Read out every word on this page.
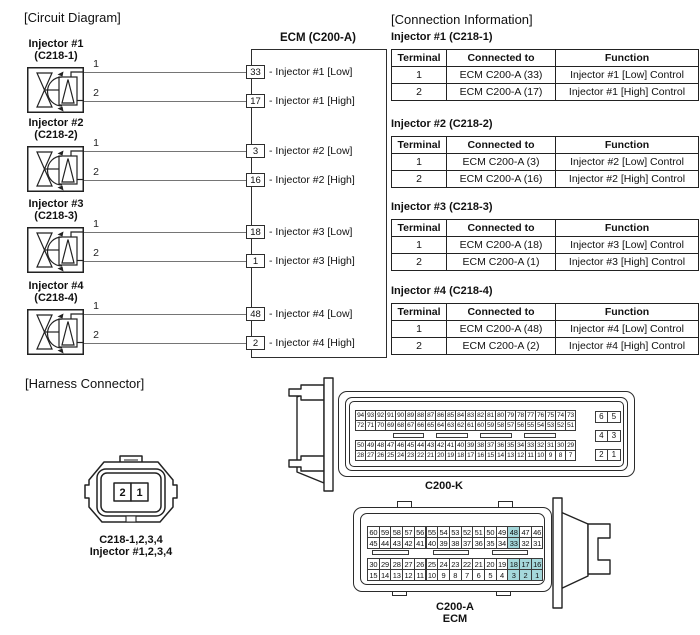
[Circuit Diagram]	[Connection Information]
[Harness Connector]
ECM (C200-A)
2 1
C218-1,2,3,4
Injector #1,2,3,4
C200-K
C200-A
ECM
Injector #1
(C218-1)
1
2
Injector #2
(C218-2)
1
2
Injector #3
(C218-3)
1
2
Injector #4
(C218-4)
1
2
33 - Injector #1 [Low]
17 - Injector #1 [High]
3	- Injector #2 [Low]
16 - Injector #2 [High]
18 - Injector #3 [Low]
1	- Injector #3 [High]
48 - Injector #4 [Low]
2	- Injector #4 [High]
Injector #1 (C218-1)
Terminal	Connected to	Function
1	ECM C200-A (33)	Injector #1 [Low] Control
2	ECM C200-A (17)	Injector #1 [High] Control
Injector #2 (C218-2)
Terminal	Connected to	Function
1	ECM C200-A (3)	Injector #2 [Low] Control
2	ECM C200-A (16)	Injector #2 [High] Control
Injector #3 (C218-3)
Terminal	Connected to	Function
1	ECM C200-A (18)	Injector #3 [Low] Control
2	ECM C200-A (1)	Injector #3 [High] Control
Injector #4 (C218-4)
Terminal	Connected to	Function
1	ECM C200-A (48)	Injector #4 [Low] Control
2	ECM C200-A (2)	Injector #4 [High] Control
94 93 92 91 90 89 88 87 86 85 84 83 82 81 80 79 78 77 76 75 74 73
72 71 70 69 68 67 66 65 64 63 62 61 60 59 58 57 56 55 54 53 52 51
50 49 48 47 46 45 44 43 42 41 40 39 38 37 36 35 34 33 32 31 30 29
28 27 26 25 24 23 22 21 20 19 18 17 16 15 14 13 12 11 10 9	8	7
6	5
4	3
2	1
60 59 58 57 56 55 54 53 52 51 50 49 48 47 46
45 44 43 42 41 40 39 38 37 36 35 34 33 32 31
30 29 28 27 26 25 24 23 22 21 20 19 18 17 16
15 14 13 12 11 10 9	8	7	6	5	4	3	2	1
